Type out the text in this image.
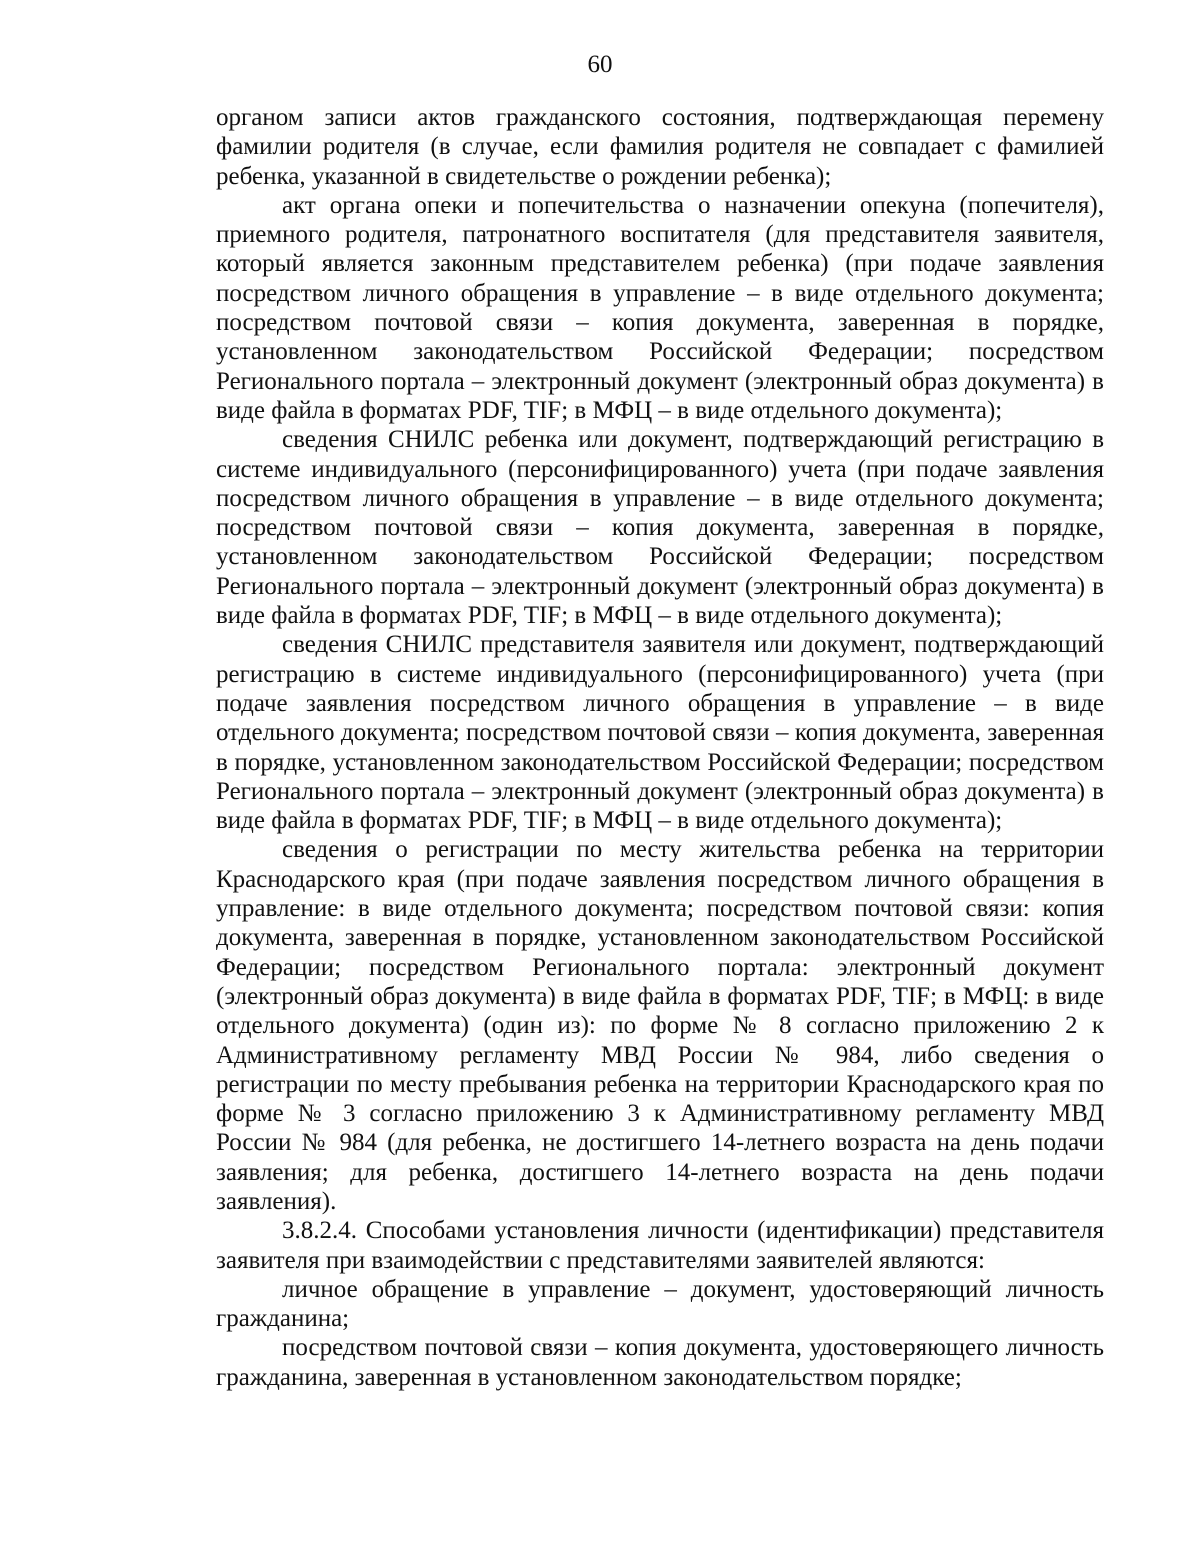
60

органом записи актов гражданского состояния, подтверждающая перемену фамилии родителя (в случае, если фамилия родителя не совпадает с фамилией ребенка, указанной в свидетельстве о рождении ребенка);

акт органа опеки и попечительства о назначении опекуна (попечителя), приемного родителя, патронатного воспитателя (для представителя заявителя, который является законным представителем ребенка) (при подаче заявления посредством личного обращения в управление – в виде отдельного документа; посредством почтовой связи – копия документа, заверенная в порядке, установленном законодательством Российской Федерации; посредством Регионального портала – электронный документ (электронный образ документа) в виде файла в форматах PDF, TIF; в МФЦ – в виде отдельного документа);

сведения СНИЛС ребенка или документ, подтверждающий регистрацию в системе индивидуального (персонифицированного) учета (при подаче заявления посредством личного обращения в управление – в виде отдельного документа; посредством почтовой связи – копия документа, заверенная в порядке, установленном законодательством Российской Федерации; посредством Регионального портала – электронный документ (электронный образ документа) в виде файла в форматах PDF, TIF; в МФЦ – в виде отдельного документа);

сведения СНИЛС представителя заявителя или документ, подтверждающий регистрацию в системе индивидуального (персонифицированного) учета (при подаче заявления посредством личного обращения в управление – в виде отдельного документа; посредством почтовой связи – копия документа, заверенная в порядке, установленном законодательством Российской Федерации; посредством Регионального портала – электронный документ (электронный образ документа) в виде файла в форматах PDF, TIF; в МФЦ – в виде отдельного документа);

сведения о регистрации по месту жительства ребенка на территории Краснодарского края (при подаче заявления посредством личного обращения в управление: в виде отдельного документа; посредством почтовой связи: копия документа, заверенная в порядке, установленном законодательством Российской Федерации; посредством Регионального портала: электронный документ (электронный образ документа) в виде файла в форматах PDF, TIF; в МФЦ: в виде отдельного документа) (один из): по форме № 8 согласно приложению 2 к Административному регламенту МВД России № 984, либо сведения о регистрации по месту пребывания ребенка на территории Краснодарского края по форме № 3 согласно приложению 3 к Административному регламенту МВД России № 984 (для ребенка, не достигшего 14-летнего возраста на день подачи заявления; для ребенка, достигшего 14-летнего возраста на день подачи заявления).

3.8.2.4. Способами установления личности (идентификации) представителя заявителя при взаимодействии с представителями заявителей являются:

личное обращение в управление – документ, удостоверяющий личность гражданина;

посредством почтовой связи – копия документа, удостоверяющего личность гражданина, заверенная в установленном законодательством порядке;
